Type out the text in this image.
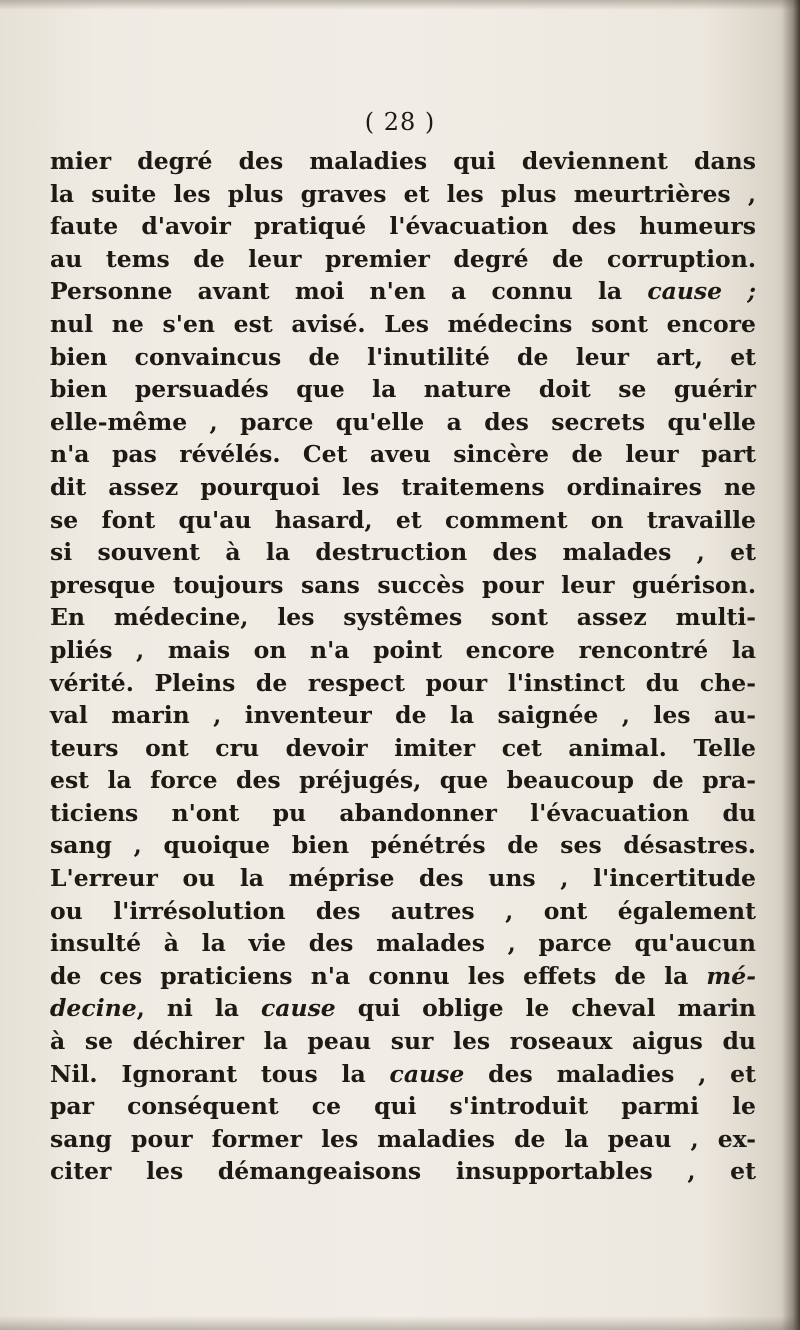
( 28 )
mier degré des maladies qui deviennent dans
la suite les plus graves et les plus meurtrières ,
faute d'avoir pratiqué l'évacuation des humeurs
au tems de leur premier degré de corruption.
Personne avant moi n'en a connu la cause ;
nul ne s'en est avisé. Les médecins sont encore
bien convaincus de l'inutilité de leur art, et
bien persuadés que la nature doit se guérir
elle-même , parce qu'elle a des secrets qu'elle
n'a pas révélés. Cet aveu sincère de leur part
dit assez pourquoi les traitemens ordinaires ne
se font qu'au hasard, et comment on travaille
si souvent à la destruction des malades , et
presque toujours sans succès pour leur guérison.
En médecine, les systêmes sont assez multi-
pliés , mais on n'a point encore rencontré la
vérité. Pleins de respect pour l'instinct du che-
val marin , inventeur de la saignée , les au-
teurs ont cru devoir imiter cet animal. Telle
est la force des préjugés, que beaucoup de pra-
ticiens n'ont pu abandonner l'évacuation du
sang , quoique bien pénétrés de ses désastres.
L'erreur ou la méprise des uns , l'incertitude
ou l'irrésolution des autres , ont également
insulté à la vie des malades , parce qu'aucun
de ces praticiens n'a connu les effets de la mé-
decine, ni la cause qui oblige le cheval marin
à se déchirer la peau sur les roseaux aigus du
Nil. Ignorant tous la cause des maladies , et
par conséquent ce qui s'introduit parmi le
sang pour former les maladies de la peau , ex-
citer les démangeaisons insupportables , et
